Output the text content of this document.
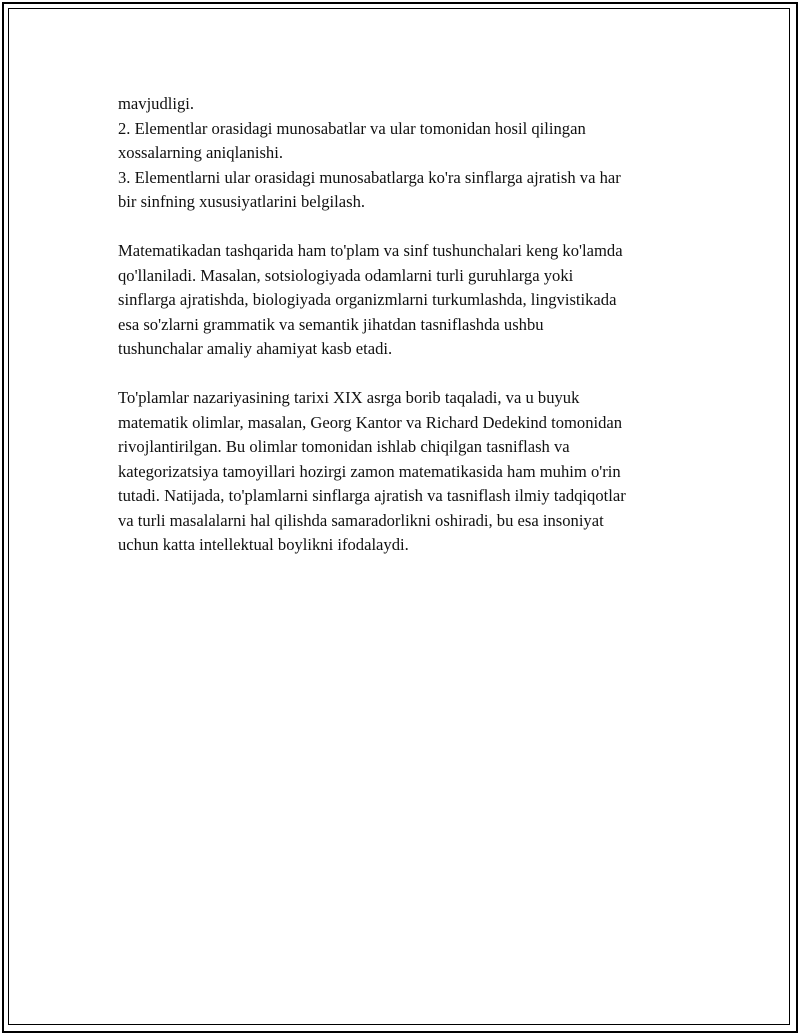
mavjudligi.
2. Elementlar orasidagi munosabatlar va ular tomonidan hosil qilingan
xossalarning aniqlanishi.
3. Elementlarni ular orasidagi munosabatlarga ko'ra sinflarga ajratish va har
bir sinfning xususiyatlarini belgilash.
Matematikadan tashqarida ham to'plam va sinf tushunchalari keng ko'lamda
qo'llaniladi. Masalan, sotsiologiyada odamlarni turli guruhlarga yoki
sinflarga ajratishda, biologiyada organizmlarni turkumlashda, lingvistikada
esa so'zlarni grammatik va semantik jihatdan tasniflashda ushbu
tushunchalar amaliy ahamiyat kasb etadi.
To'plamlar nazariyasining tarixi XIX asrga borib taqaladi, va u buyuk
matematik olimlar, masalan, Georg Kantor va Richard Dedekind tomonidan
rivojlantirilgan. Bu olimlar tomonidan ishlab chiqilgan tasniflash va
kategorizatsiya tamoyillari hozirgi zamon matematikasida ham muhim o'rin
tutadi. Natijada, to'plamlarni sinflarga ajratish va tasniflash ilmiy tadqiqotlar
va turli masalalarni hal qilishda samaradorlikni oshiradi, bu esa insoniyat
uchun katta intellektual boylikni ifodalaydi.
